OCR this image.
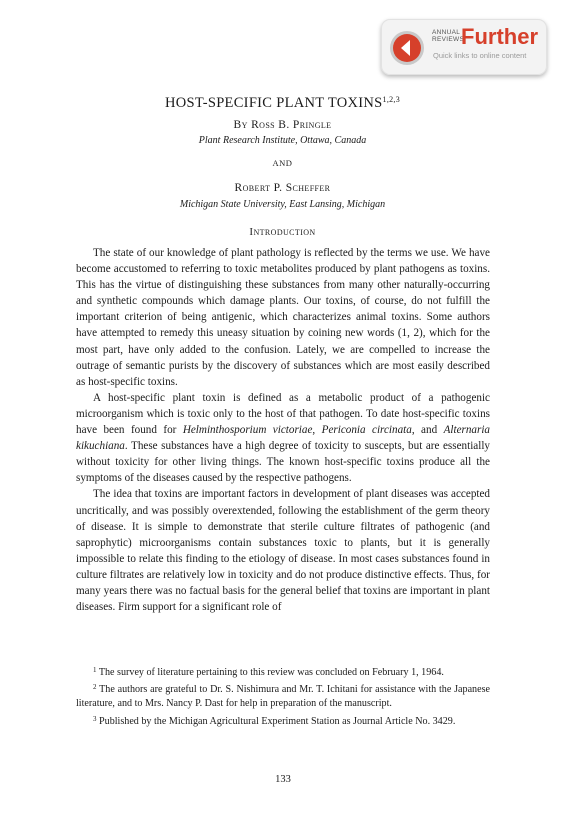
ANNUAL
REVIEWS
Further
Quick links to online content
HOST-SPECIFIC PLANT TOXINS$^{1,2,3}$
By Ross B. Pringle
Plant Research Institute, Ottawa, Canada
AND
Robert P. Scheffer
Michigan State University, East Lansing, Michigan
Introduction

The state of our knowledge of plant pathology is reflected by the terms we use. We have become accustomed to referring to toxic metabolites produced by plant pathogens as toxins. This has the virtue of distinguishing these substances from many other naturally-occurring and synthetic compounds which damage plants. Our toxins, of course, do not fulfill the important criterion of being antigenic, which characterizes animal toxins. Some authors have attempted to remedy this uneasy situation by coining new words (1, 2), which for the most part, have only added to the confusion. Lately, we are compelled to increase the outrage of semantic purists by the discovery of substances which are most easily described as host-specific toxins.

A host-specific plant toxin is defined as a metabolic product of a pathogenic microorganism which is toxic only to the host of that pathogen. To date host-specific toxins have been found for Helminthosporium victoriae, Periconia circinata, and Alternaria kikuchiana. These substances have a high degree of toxicity to suscepts, but are essentially without toxicity for other living things. The known host-specific toxins produce all the symptoms of the diseases caused by the respective pathogens.

The idea that toxins are important factors in development of plant diseases was accepted uncritically, and was possibly overextended, following the establishment of the germ theory of disease. It is simple to demonstrate that sterile culture filtrates of pathogenic (and saprophytic) microorganisms contain substances toxic to plants, but it is generally impossible to relate this finding to the etiology of disease. In most cases substances found in culture filtrates are relatively low in toxicity and do not produce distinctive effects. Thus, for many years there was no factual basis for the general belief that toxins are important in plant diseases. Firm support for a significant role of

$^1$ The survey of literature pertaining to this review was concluded on February 1, 1964.

$^2$ The authors are grateful to Dr. S. Nishimura and Mr. T. Ichitani for assistance with the Japanese literature, and to Mrs. Nancy P. Dast for help in preparation of the manuscript.

$^3$ Published by the Michigan Agricultural Experiment Station as Journal Article No. 3429.

133
